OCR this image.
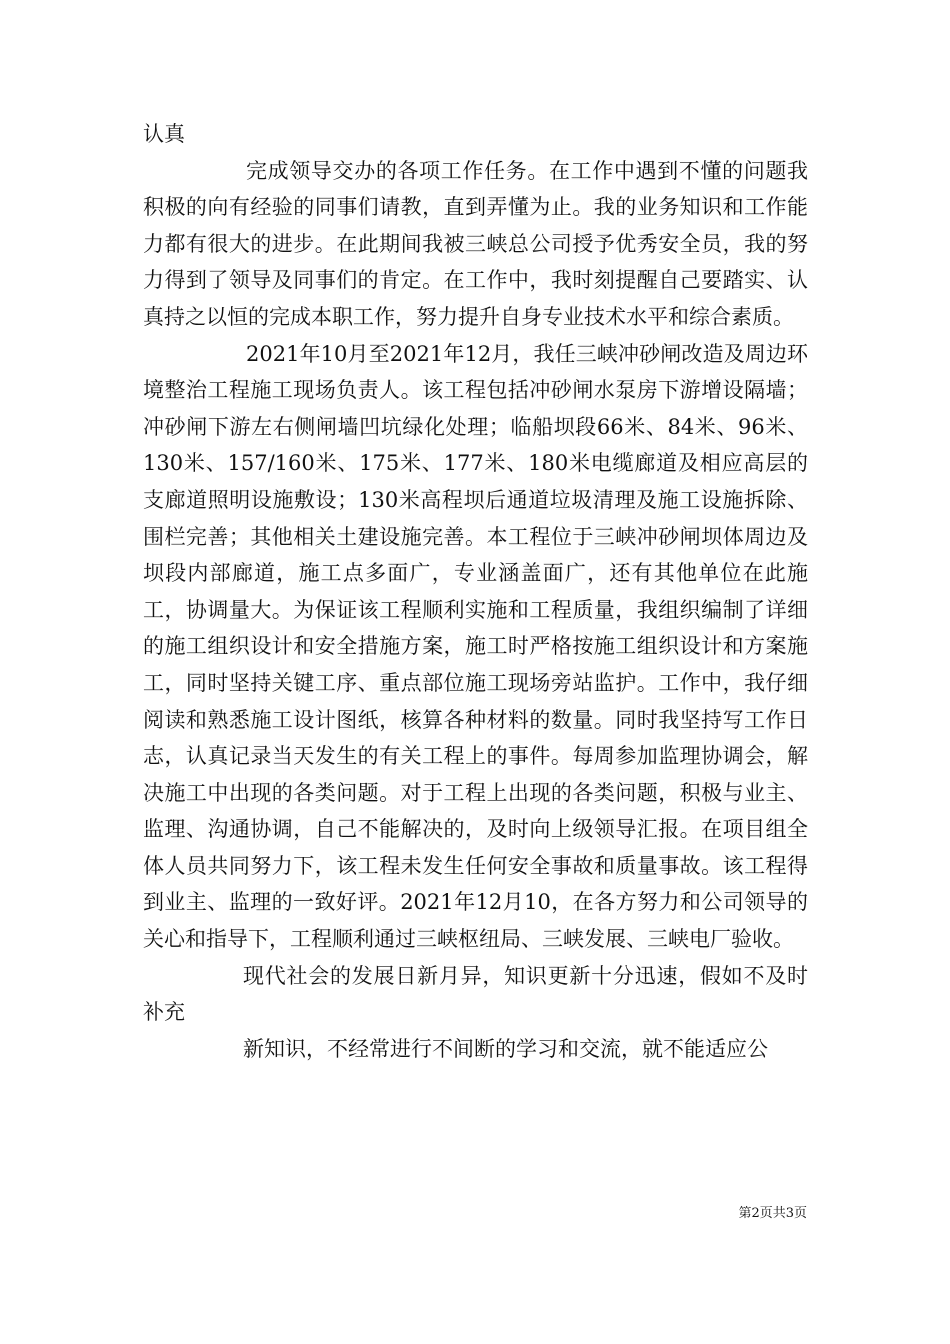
认真

完成领导交办的各项工作任务。在工作中遇到不懂的问题我积极的向有经验的同事们请教，直到弄懂为止。我的业务知识和工作能力都有很大的进步。在此期间我被三峡总公司授予优秀安全员，我的努力得到了领导及同事们的肯定。在工作中，我时刻提醒自己要踏实、认真持之以恒的完成本职工作，努力提升自身专业技术水平和综合素质。

2021年10月至2021年12月，我任三峡冲砂闸改造及周边环境整治工程施工现场负责人。该工程包括冲砂闸水泵房下游增设隔墙；冲砂闸下游左右侧闸墙凹坑绿化处理；临船坝段66米、84米、96米、130米、157/160米、175米、177米、180米电缆廊道及相应高层的支廊道照明设施敷设；130米高程坝后通道垃圾清理及施工设施拆除、围栏完善；其他相关土建设施完善。本工程位于三峡冲砂闸坝体周边及坝段内部廊道，施工点多面广，专业涵盖面广，还有其他单位在此施工，协调量大。为保证该工程顺利实施和工程质量，我组织编制了详细的施工组织设计和安全措施方案，施工时严格按施工组织设计和方案施工，同时坚持关键工序、重点部位施工现场旁站监护。工作中，我仔细阅读和熟悉施工设计图纸，核算各种材料的数量。同时我坚持写工作日志，认真记录当天发生的有关工程上的事件。每周参加监理协调会，解决施工中出现的各类问题。对于工程上出现的各类问题，积极与业主、监理、沟通协调，自己不能解决的，及时向上级领导汇报。在项目组全体人员共同努力下，该工程未发生任何安全事故和质量事故。该工程得到业主、监理的一致好评。2021年12月10，在各方努力和公司领导的关心和指导下，工程顺利通过三峡枢纽局、三峡发展、三峡电厂验收。

现代社会的发展日新月异，知识更新十分迅速，假如不及时补充

新知识，不经常进行不间断的学习和交流，就不能适应公

第2页共3页
